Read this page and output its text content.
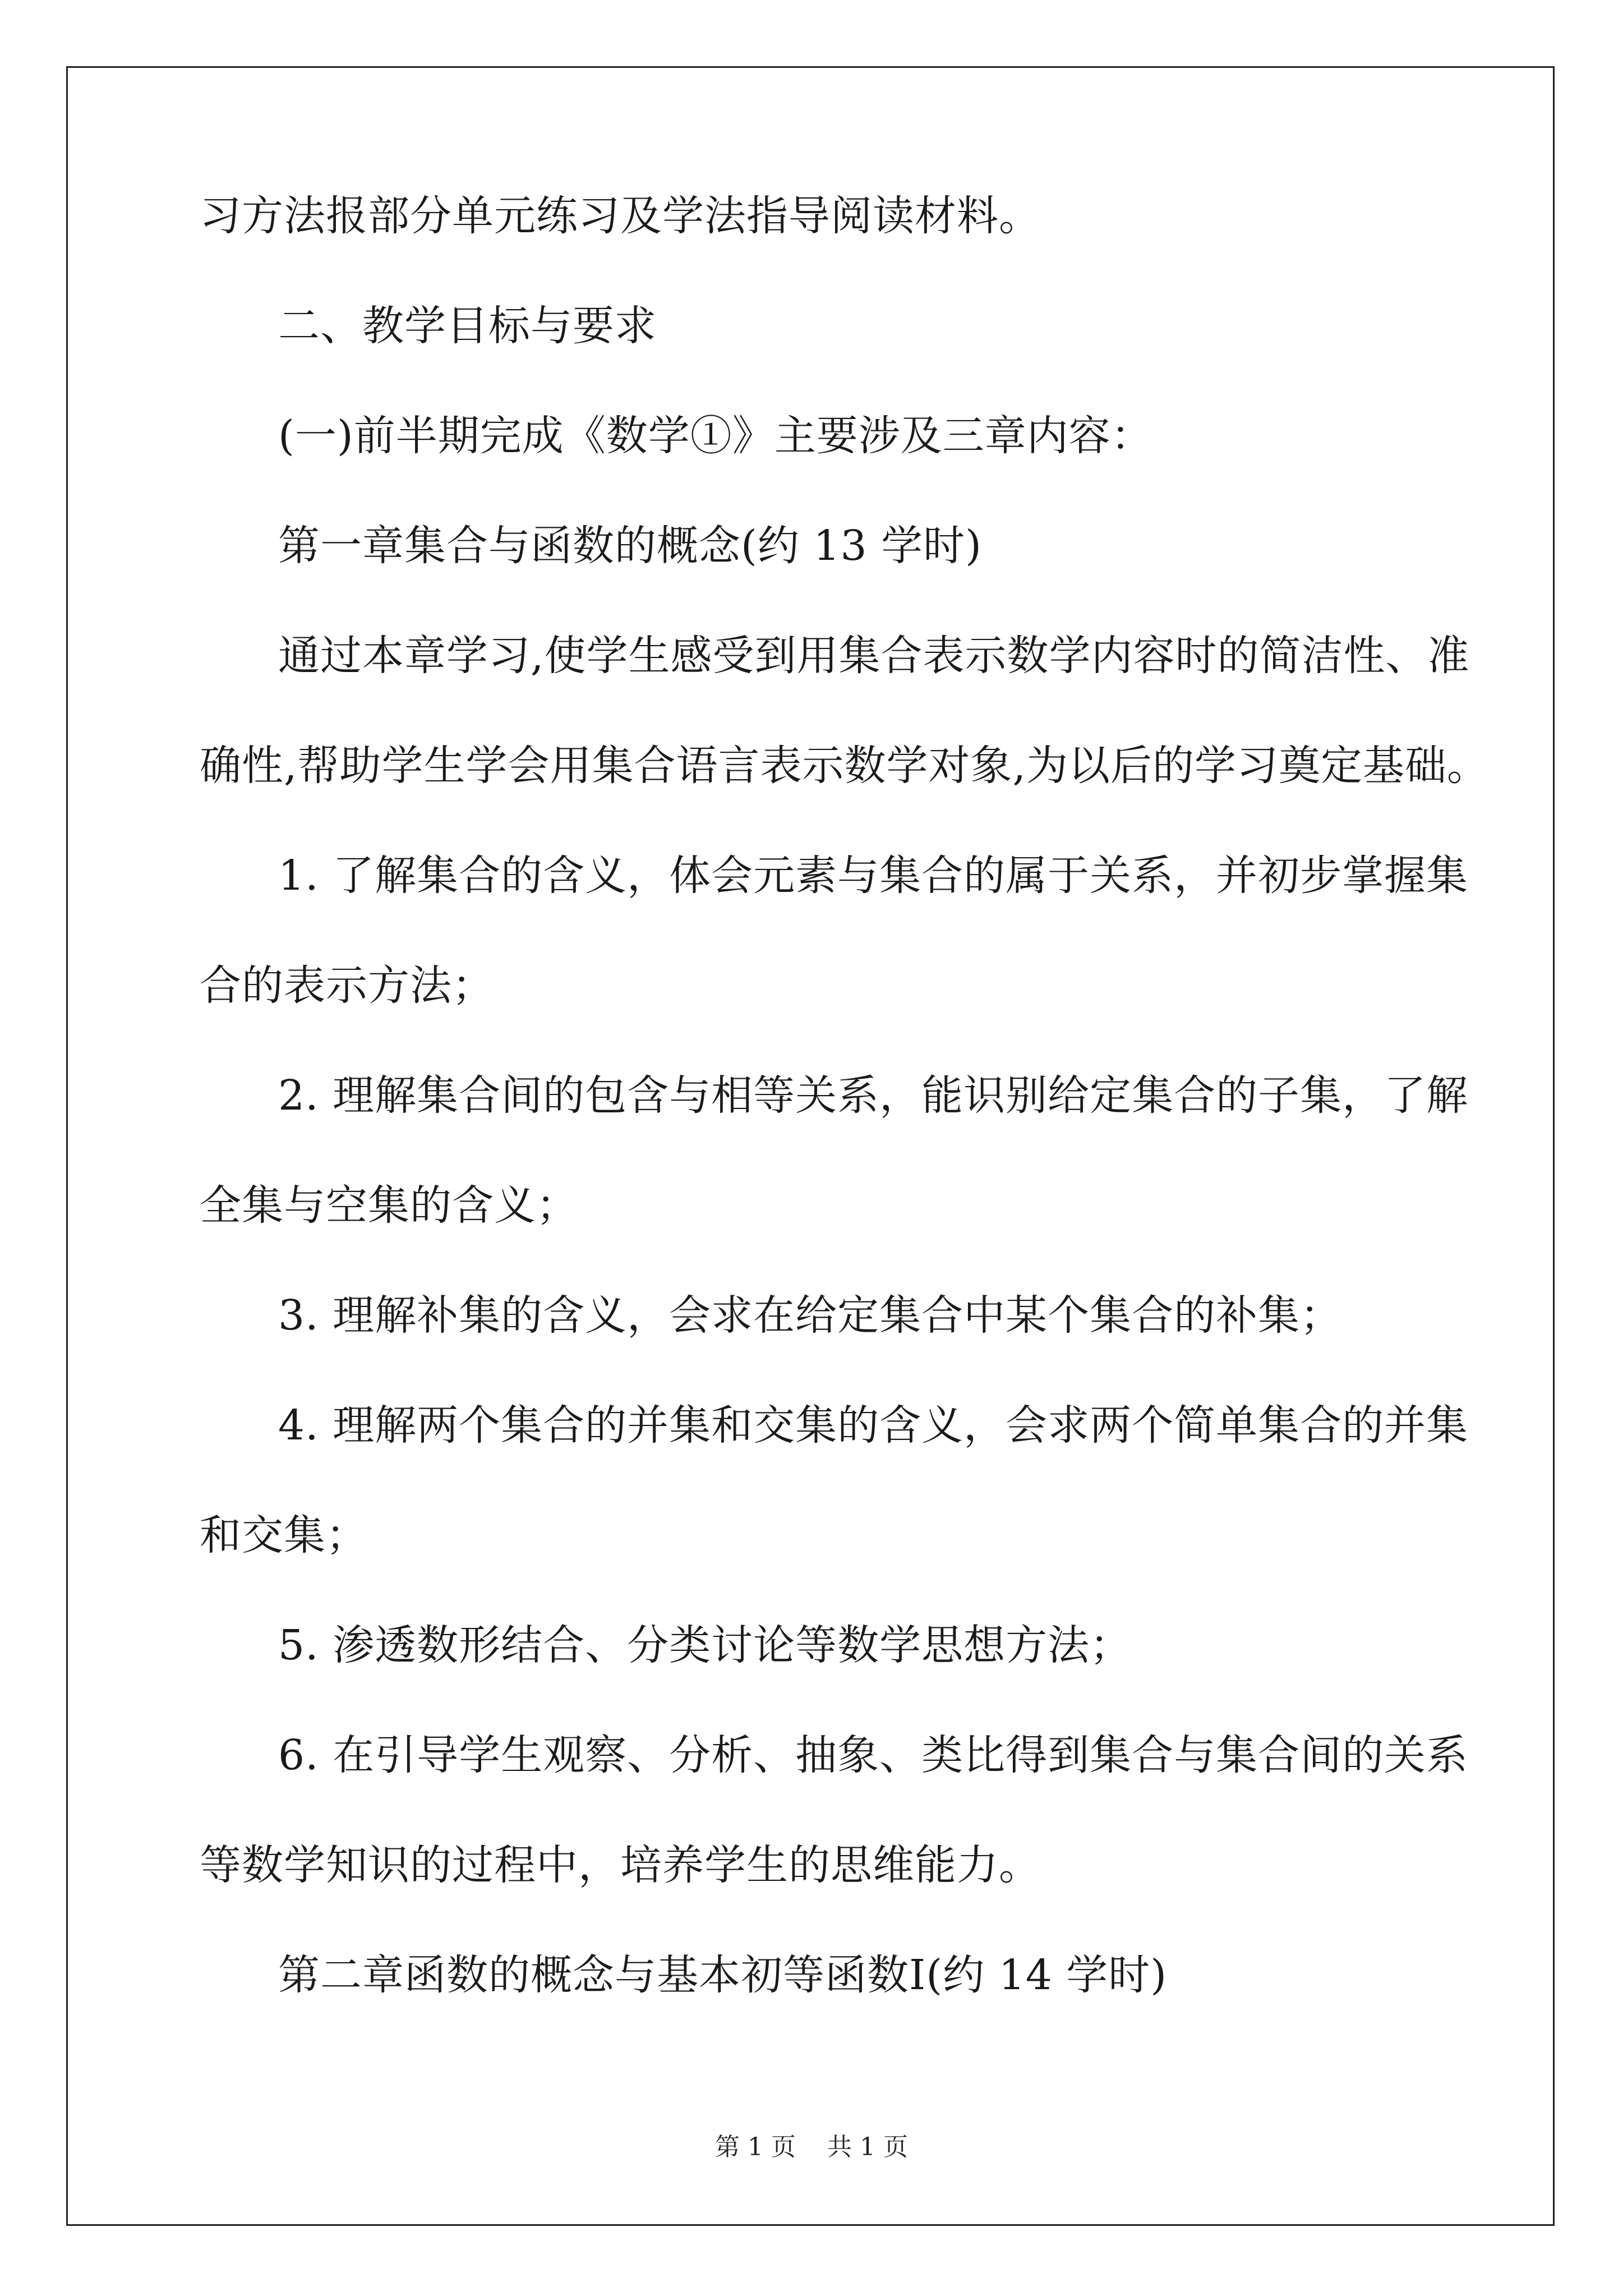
习方法报部分单元练习及学法指导阅读材料。
二、教学目标与要求
(一)前半期完成《数学①》主要涉及三章内容：
第一章集合与函数的概念(约 13 学时)
通过本章学习,使学生感受到用集合表示数学内容时的简洁性、准
确性,帮助学生学会用集合语言表示数学对象,为以后的学习奠定基础。
1. 了解集合的含义，体会元素与集合的属于关系，并初步掌握集
合的表示方法；
2. 理解集合间的包含与相等关系，能识别给定集合的子集，了解
全集与空集的含义；
3. 理解补集的含义，会求在给定集合中某个集合的补集；
4. 理解两个集合的并集和交集的含义，会求两个简单集合的并集
和交集；
5. 渗透数形结合、分类讨论等数学思想方法；
6. 在引导学生观察、分析、抽象、类比得到集合与集合间的关系
等数学知识的过程中，培养学生的思维能力。
第二章函数的概念与基本初等函数Ⅰ(约 14 学时)
第 1 页 共 1 页
